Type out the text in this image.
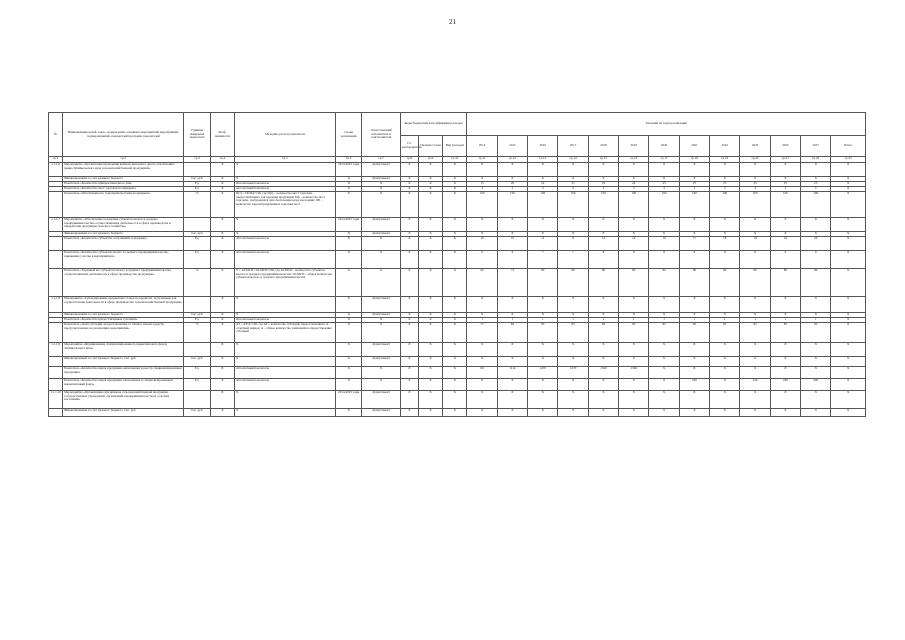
21
№	Наименование целей, задач, подпрограмм, основных мероприятий, мероприятий, подмероприятий, показателей программ, показателей	Единица измерения показателя	Коэф. значимости	Методика расчета показателя	Сроки реализации	Ответственный исполнитель и соисполнители	Коды бюджетной классификации расходов			Значения по годам реализации												
							Гл. распорядитель	Целевая статья	Вид расходов	2014	2015	2016	2017	2018	2019	2020	2021	2022	2025	2026	2027	Итого
гр.1	гр.2	гр.3	гр.4	гр.5	гр.6	гр.7	гр.8	гр.9	гр.10	гр.11	гр.12	гр.13	гр.14	гр.15	гр.16	гр.17	гр.18	гр.19	гр.20	гр.21	гр.22	гр.23
1.1.1.6	Мероприятие «Организация проведения ярмарок выходного дня по обеспечению рынка Забайкальского края сельскохозяйственной продукцией»		X	X	2014-2025 годы	Департамент	X	X	X	X	X	X	X	X	X	X	X	X	X	X	X	X
	Финансирование за счет краевого бюджета	тыс. руб.	X	X	X	Департамент	X	X	X	X	X	X	X	X	X	X	X	X	X	X	X	X
	Показатель «Количество ярмарок выходного дня»	Ед.	X	Абсолютный показатель	X	X	X	X	X	15	20	22	21	23	24	25	25	25	25	25	25	X
	Показатель «Количество мест торговли на ярмарках»	Ед.	X	Абсолютный показатель	X	X	X	X	X	3	2	2	2	3	3	3	3	3	3	3	3	X
	Показатель «Обеспеченность торговыми местами на ярмарках»	%	X	П(т) = Пб/Пф×100, где П(т) – количество мест торговли, предоставляемых для продажи продукции; Пф – количество мест торговли, требующихся для обеспечения нужд населения; ПП – количество зарегистрированных торговых мест	X	X	X	X	X	100	100	100	100	100	100	100	100	100	100	100	100	X
1.1.1.7	Мероприятие «Обеспечение поддержки субъектов малого и среднего предпринимательства, осуществляющих деятельность в сфере производства и переработки продукции сельского хозяйства»		X	X	2014-2025 годы	Департамент	X	X	X	X	X	X	X	X	X	X	X	X	X	X	X	X
	Финансирование за счет краевого бюджета	тыс. руб.	X	X	X	Департамент	X	X	X	X	X	X	X	X	X	X	X	X	X	X	X	X
	Показатель «Количество субъектов, получивших поддержку»	Ед.	X	Абсолютный показатель	X	X	X	X	X	10	10	11	11	12	16	16	17	18	19	19	20	X
	Показатель «Количество субъектов малого и среднего предпринимательства, принявших участие в мероприятиях»	Ед.	X	Абсолютный показатель	X	X	X	X	X	6	6	7	7	8	8	8	8	8	8	9	9	X
	Показатель «Удельный вес субъектов малого и среднего предпринимательства, осуществляющих деятельность в сфере производства продукции»	%	X	У = АСМСП / ОСМСП×100, где АСМСП – количество субъектов малого и среднего предпринимательства; ОСМСП – общее количество субъектов малого и среднего предпринимательства	X	X	X	X	X	62	73	80	80	80	80	80	80	80	80	80	80	X
1.1.1.8	Мероприятие «Субсидирование процентных ставок по кредитам, полученным для осуществления деятельности в сфере производства сельскохозяйственной продукции»		X	X	X	Департамент	X	X	X	X	X	X	X	X	X	X	X	X	X	X	X	X
	Финансирование за счет краевого бюджета	тыс. руб.	X	X	X	Департамент	X	X	X	X	X	X	X	X	X	X	X	X	X	X	X	X
	Показатель «Количество предоставленных субсидий»	Ед.	X	Абсолютный показатель	X	X	X	X	X	1	1	1	1	1	1	1	1	1	1	1	1	X
	Показатель «Доля субсидий, предоставленных от общего объема средств, предусмотренных на реализацию мероприятия»	%	X	ДЗ = АТ/А×100, где АТ – количество субсидий, предоставленных за отчетный период; А – общее количество заявлений на предоставление субсидий	X	X	X	X	X	77	82	85	85	85	85	85	85	85	85	85	85	X
1.1.1.9	Мероприятие «Формирование специализированного маркетингового фонда Забайкальского края»		X	X	X	Департамент	X	X	X	X	X	X	X	X	X	X	X	X	X	X	X	X
	Финансирование за счет краевого бюджета, тыс. руб.	тыс. руб.	X	X	X	Департамент	X	X	X	X	X	X	X	X	X	X	X	X	X	X	X	X
	Показатель «Количество видов продукции, включенных в реестр специализированной продукции»	Ед.	X	Абсолютный показатель	X	X	X	X	X	101	1114	1470	1270	1320	1360	X	X	X	X	X	X	X
	Показатель «Количество видов продукции, включенных в специализированный маркетинговый фонд»	Ед.	X	Абсолютный показатель	X	X	X	X	X	X	X	X	X	X	X	X	246	X	246	246	246	X
1.1.1.10	Мероприятие «Организация сети ярмарок сельскохозяйственной продукции, государственных учреждений, организаций предпринимательства и сельских поселений»		X	X	2014-2025 годы	Департамент	X	X	X	X	X	X	X	X	X	X	X	X	X	X	X	X
	Финансирование за счет краевого бюджета, тыс. руб.	тыс. руб.	X	X	X	Департамент	X	X	X	X	X	X	X	X	X	X	X	X	X	X	X	X
